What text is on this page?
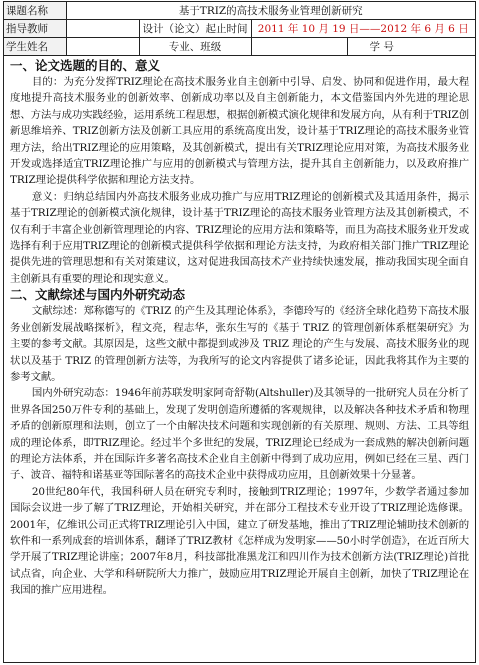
课题名称	基于TRIZ的高技术服务业管理创新研究			
指导教师		设计（论文）起止时间	2011 年 10 月 19 日——2012 年 6 月 6 日	
学生姓名		专业、班级		学 号
一、论文选题的目的、意义

目的：为充分发挥TRIZ理论在高技术服务业自主创新中引导、启发、协同和促进作用，最大程度地提升高技术服务业的创新效率、创新成功率以及自主创新能力，本文借鉴国内外先进的理论思想、方法与成功实践经验，运用系统工程思想，根据创新模式演化规律和发展方向，从有利于TRIZ创新思维培养、TRIZ创新方法及创新工具应用的系统高度出发，设计基于TRIZ理论的高技术服务业管理方法，给出TRIZ理论的应用策略，及其创新模式，提出有关TRIZ理论应用对策，为高技术服务业开发或选择适宜TRIZ理论推广与应用的创新模式与管理方法，提升其自主创新能力，以及政府推广TRIZ理论提供科学依据和理论方法支持。

意义：归纳总结国内外高技术服务业成功推广与应用TRIZ理论的创新模式及其适用条件，揭示基于TRIZ理论的创新模式演化规律，设计基于TRIZ理论的高技术服务业管理方法及其创新模式，不仅有利于丰富企业创新管理理论的内容、TRIZ理论的应用方法和策略等，而且为高技术服务业开发或选择有利于应用TRIZ理论的创新模式提供科学依据和理论方法支持，为政府相关部门推广TRIZ理论提供先进的管理思想和有关对策建议，这对促进我国高技术产业持续快速发展，推动我国实现全面自主创新具有重要的理论和现实意义。

二、文献综述与国内外研究动态

文献综述：郑称德写的《TRIZ 的产生及其理论体系》，李德玲写的《经济全球化趋势下高技术服务业创新发展战略探析》，程文亮，程志华，张东生写的《基于 TRIZ 的管理创新体系框架研究》为主要的参考文献。其原因是，这些文献中都提到或涉及 TRIZ 理论的产生与发展、高技术服务业的现状以及基于 TRIZ 的管理创新方法等，为我所写的论文内容提供了诸多论证，因此我将其作为主要的参考文献。

国内外研究动态：1946年前苏联发明家阿奇舒勒(Altshuller)及其领导的一批研究人员在分析了世界各国250万件专利的基础上，发现了发明创造所遵循的客观规律，以及解决各种技术矛盾和物理矛盾的创新原理和法则，创立了一个由解决技术问题和实现创新的有关原理、规则、方法、工具等组成的理论体系，即TRIZ理论。经过半个多世纪的发展，TRIZ理论已经成为一套成熟的解决创新问题的理论方法体系，并在国际许多著名高技术企业自主创新中得到了成功应用，例如已经在三星、西门子、波音、福特和诺基亚等国际著名的高技术企业中获得成功应用，且创新效果十分显著。

20世纪80年代，我国科研人员在研究专利时，接触到TRIZ理论；1997年，少数学者通过参加国际会议进一步了解了TRIZ理论，开始相关研究，并在部分工程技术专业开设了TRIZ理论选修课。2001年，亿维讯公司正式将TRIZ理论引入中国，建立了研发基地，推出了TRIZ理论辅助技术创新的软件和一系列成套的培训体系，翻译了TRIZ教材《怎样成为发明家——50小时学创造》，在近百所大学开展了TRIZ理论讲座；2007年8月，科技部批准黑龙江和四川作为技术创新方法(TRIZ理论)首批试点省，向企业、大学和科研院所大力推广，鼓励应用TRIZ理论开展自主创新，加快了TRIZ理论在我国的推广应用进程。
